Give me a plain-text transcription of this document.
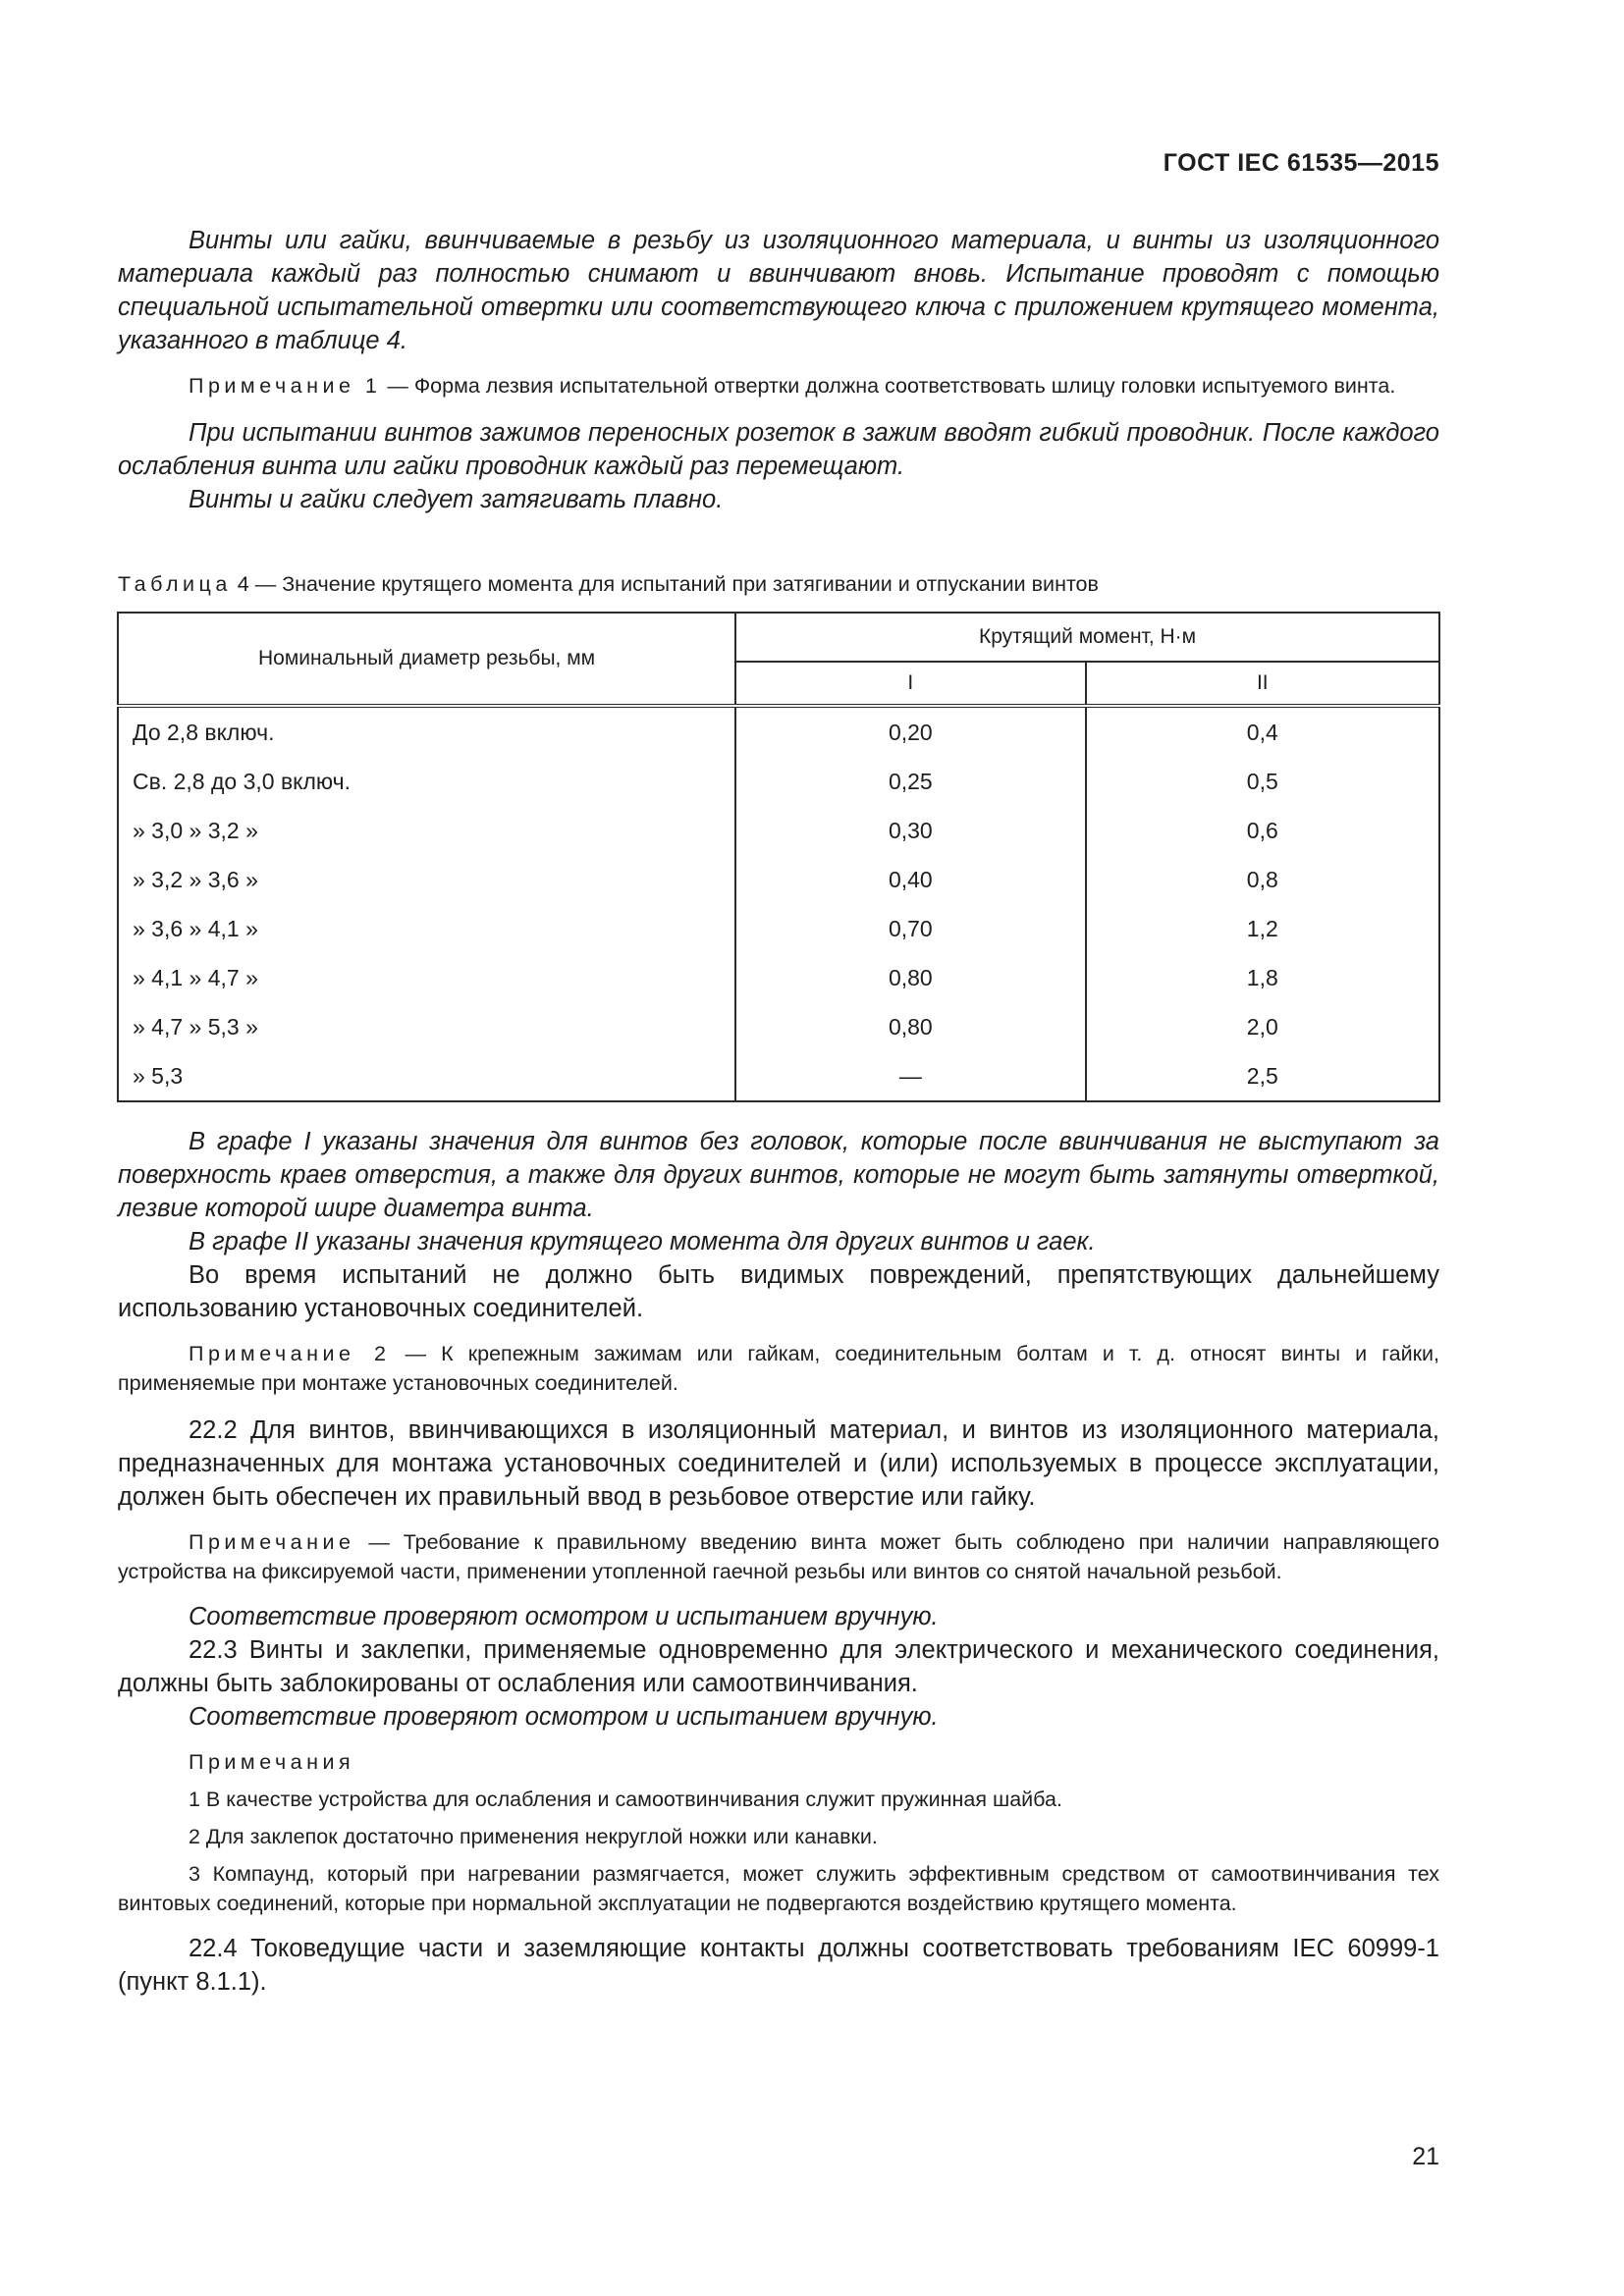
ГОСТ IEC 61535—2015

Винты или гайки, ввинчиваемые в резьбу из изоляционного материала, и винты из изоляционного материала каждый раз полностью снимают и ввинчивают вновь. Испытание проводят с помощью специальной испытательной отвертки или соответствующего ключа с приложением крутящего момента, указанного в таблице 4.

Примечание 1 — Форма лезвия испытательной отвертки должна соответствовать шлицу головки испытуемого винта.

При испытании винтов зажимов переносных розеток в зажим вводят гибкий проводник. После каждого ослабления винта или гайки проводник каждый раз перемещают.

Винты и гайки следует затягивать плавно.

Таблица 4 — Значение крутящего момента для испытаний при затягивании и отпускании винтов
Номинальный диаметр резьбы, мм	Крутящий момент, Н·м	
	I	II
До 2,8 включ.	0,20	0,4
Св. 2,8 до 3,0 включ.	0,25	0,5
» 3,0 » 3,2 »	0,30	0,6
» 3,2 » 3,6 »	0,40	0,8
» 3,6 » 4,1 »	0,70	1,2
» 4,1 » 4,7 »	0,80	1,8
» 4,7 » 5,3 »	0,80	2,0
» 5,3	—	2,5

В графе I указаны значения для винтов без головок, которые после ввинчивания не выступают за поверхность краев отверстия, а также для других винтов, которые не могут быть затянуты отверткой, лезвие которой шире диаметра винта.

В графе II указаны значения крутящего момента для других винтов и гаек.

Во время испытаний не должно быть видимых повреждений, препятствующих дальнейшему использованию установочных соединителей.

Примечание 2 — К крепежным зажимам или гайкам, соединительным болтам и т. д. относят винты и гайки, применяемые при монтаже установочных соединителей.

22.2 Для винтов, ввинчивающихся в изоляционный материал, и винтов из изоляционного материала, предназначенных для монтажа установочных соединителей и (или) используемых в процессе эксплуатации, должен быть обеспечен их правильный ввод в резьбовое отверстие или гайку.

Примечание — Требование к правильному введению винта может быть соблюдено при наличии направляющего устройства на фиксируемой части, применении утопленной гаечной резьбы или винтов со снятой начальной резьбой.

Соответствие проверяют осмотром и испытанием вручную.

22.3 Винты и заклепки, применяемые одновременно для электрического и механического соединения, должны быть заблокированы от ослабления или самоотвинчивания.

Соответствие проверяют осмотром и испытанием вручную.

Примечания

1 В качестве устройства для ослабления и самоотвинчивания служит пружинная шайба.

2 Для заклепок достаточно применения некруглой ножки или канавки.

3 Компаунд, который при нагревании размягчается, может служить эффективным средством от самоотвинчивания тех винтовых соединений, которые при нормальной эксплуатации не подвергаются воздействию крутящего момента.

22.4 Токоведущие части и заземляющие контакты должны соответствовать требованиям IEC 60999-1 (пункт 8.1.1).

21
